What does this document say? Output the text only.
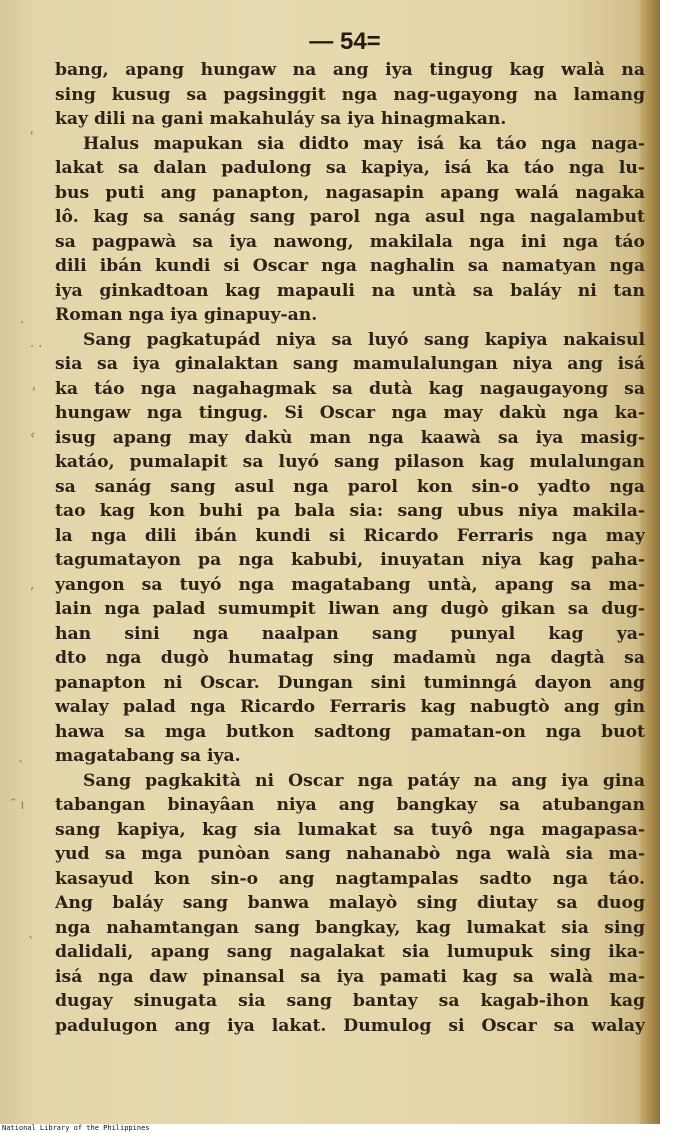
'
.
. .
,
‹
,
`
˜ ı
`
— 54=
bang, apang hungaw na ang iya tingug kag walà na
sing kusug sa pagsinggit nga nag-ugayong na lamang
kay dili na gani makahuláy sa iya hinagmakan.
Halus mapukan sia didto may isá ka táo nga naga-
lakat sa dalan padulong sa kapiya, isá ka táo nga lu-
bus puti ang panapton, nagasapin apang walá nagaka
lô. kag sa sanág sang parol nga asul nga nagalambut
sa pagpawà sa iya nawong, makilala nga ini nga táo
dili ibán kundi si Oscar nga naghalin sa namatyan nga
iya ginkadtoan kag mapauli na untà sa baláy ni tan
Roman nga iya ginapuy-an.
Sang pagkatupád niya sa luyó sang kapiya nakaisul
sia sa iya ginalaktan sang mamulalungan niya ang isá
ka táo nga nagahagmak sa dutà kag nagaugayong sa
hungaw nga tingug. Si Oscar nga may dakù nga ka-
isug apang may dakù man nga kaawà sa iya masig-
katáo, pumalapit sa luyó sang pilason kag mulalungan
sa sanág sang asul nga parol kon sin-o yadto nga
tao kag kon buhi pa bala sia: sang ubus niya makila-
la nga dili ibán kundi si Ricardo Ferraris nga may
tagumatayon pa nga kabubi, inuyatan niya kag paha-
yangon sa tuyó nga magatabang untà, apang sa ma-
lain nga palad sumumpit liwan ang dugò gikan sa dug-
han sini nga naalpan sang punyal kag ya-
dto nga dugò humatag sing madamù nga dagtà sa
panapton ni Oscar. Dungan sini tuminngá dayon ang
walay palad nga Ricardo Ferraris kag nabugtò ang gin
hawa sa mga butkon sadtong pamatan-on nga buot
magatabang sa iya.
Sang pagkakità ni Oscar nga patáy na ang iya gina
tabangan binayâan niya ang bangkay sa atubangan
sang kapiya, kag sia lumakat sa tuyô nga magapasa-
yud sa mga punòan sang nahanabò nga walà sia ma-
kasayud kon sin-o ang nagtampalas sadto nga táo.
Ang baláy sang banwa malayò sing diutay sa duog
nga nahamtangan sang bangkay, kag lumakat sia sing
dalidali, apang sang nagalakat sia lumupuk sing ika-
isá nga daw pinansal sa iya pamati kag sa walà ma-
dugay sinugata sia sang bantay sa kagab-ihon kag
padulugon ang iya lakat. Dumulog si Oscar sa walay
National Library of the Philippines
